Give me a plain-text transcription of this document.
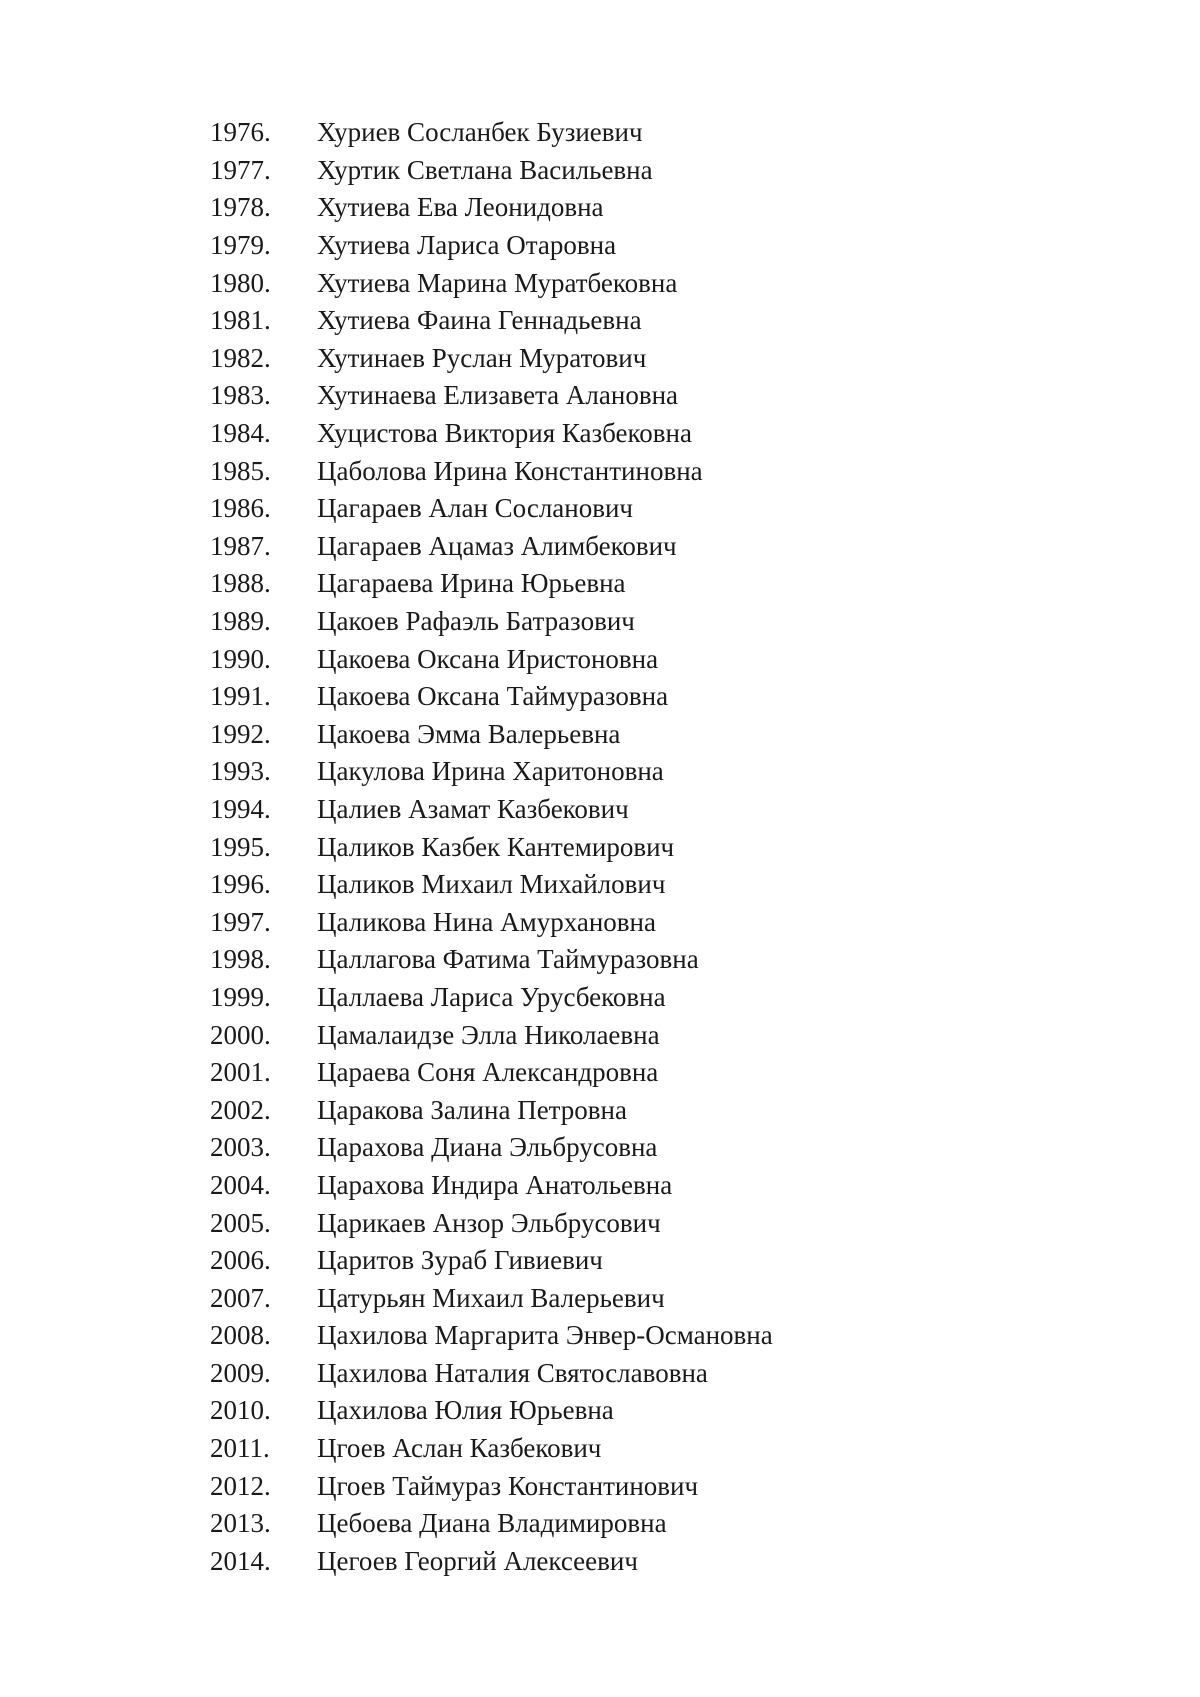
1976.	Хуриев Сосланбек Бузиевич
1977.	Хуртик Светлана Васильевна
1978.	Хутиева Ева Леонидовна
1979.	Хутиева Лариса Отаровна
1980.	Хутиева Марина Муратбековна
1981.	Хутиева Фаина Геннадьевна
1982.	Хутинаев Руслан Муратович
1983.	Хутинаева Елизавета Алановна
1984.	Хуцистова Виктория Казбековна
1985.	Цаболова Ирина Константиновна
1986.	Цагараев Алан Сосланович
1987.	Цагараев Ацамаз Алимбекович
1988.	Цагараева Ирина Юрьевна
1989.	Цакоев Рафаэль Батразович
1990.	Цакоева Оксана Иристоновна
1991.	Цакоева Оксана Таймуразовна
1992.	Цакоева Эмма Валерьевна
1993.	Цакулова Ирина Харитоновна
1994.	Цалиев Азамат Казбекович
1995.	Цаликов Казбек Кантемирович
1996.	Цаликов Михаил Михайлович
1997.	Цаликова Нина Амурхановна
1998.	Цаллагова Фатима Таймуразовна
1999.	Цаллаева Лариса Урусбековна
2000.	Цамалаидзе Элла Николаевна
2001.	Цараева Соня Александровна
2002.	Царакова Залина Петровна
2003.	Царахова Диана Эльбрусовна
2004.	Царахова Индира Анатольевна
2005.	Царикаев Анзор Эльбрусович
2006.	Царитов Зураб Гивиевич
2007.	Цатурьян Михаил Валерьевич
2008.	Цахилова Маргарита Энвер-Османовна
2009.	Цахилова Наталия Святославовна
2010.	Цахилова Юлия Юрьевна
2011.	Цгоев Аслан Казбекович
2012.	Цгоев Таймураз Константинович
2013.	Цебоева Диана Владимировна
2014.	Цегоев Георгий Алексеевич
